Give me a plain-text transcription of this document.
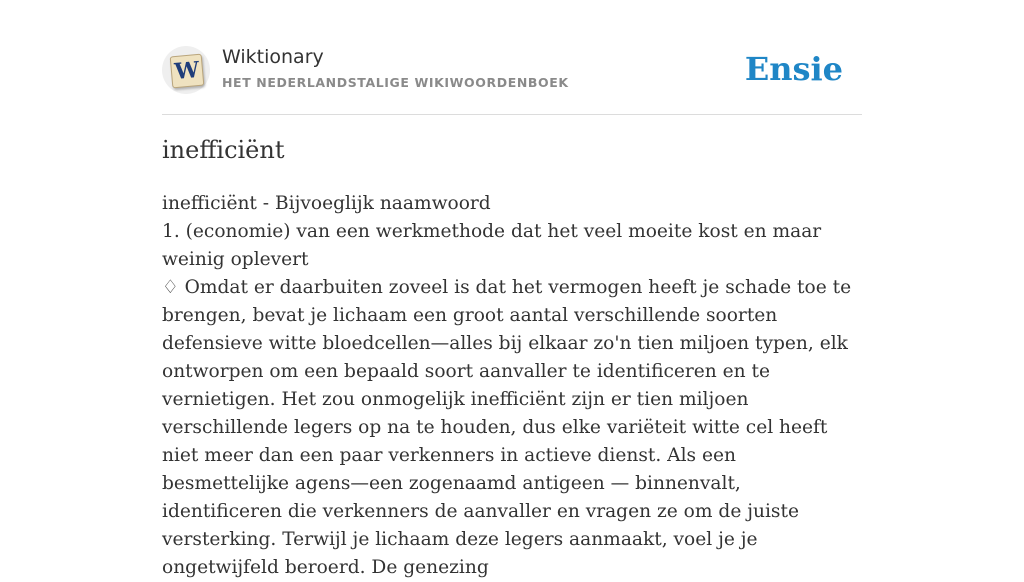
W Wiktionary
HET NEDERLANDSTALIGE WIKIWOORDENBOEK	Ensie
inefficiënt

inefficiënt - Bijvoeglijk naamwoord

1. (economie) van een werkmethode dat het veel moeite kost en maar weinig oplevert

♢ Omdat er daarbuiten zoveel is dat het vermogen heeft je schade toe te brengen, bevat je lichaam een groot aantal verschillende soorten defensieve witte bloedcellen—alles bij elkaar zo'n tien miljoen typen, elk ontworpen om een bepaald soort aanvaller te identificeren en te vernietigen. Het zou onmogelijk inefficiënt zijn er tien miljoen verschillende legers op na te houden, dus elke variëteit witte cel heeft niet meer dan een paar verkenners in actieve dienst. Als een besmettelijke agens—een zogenaamd antigeen — binnenvalt, identificeren die verkenners de aanvaller en vragen ze om de juiste versterking. Terwijl je lichaam deze legers aanmaakt, voel je je ongetwijfeld beroerd. De genezing
